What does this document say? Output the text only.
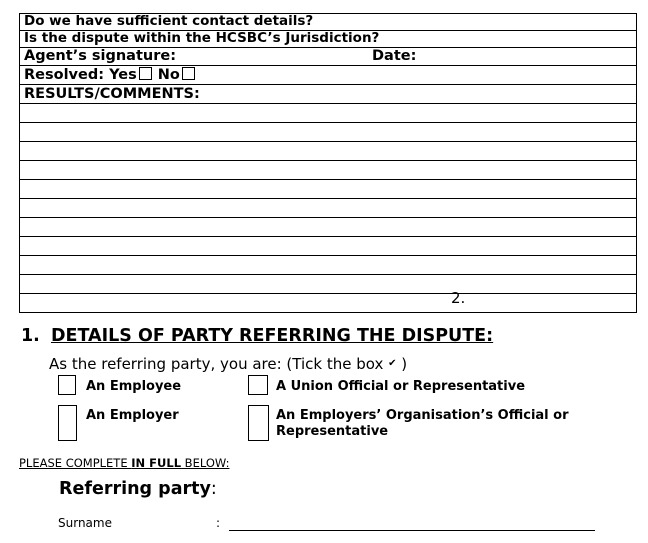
Do we have sufficient contact details?
Is the dispute within the HCSBC’s Jurisdiction?
Agent’s signature:	Date:
Resolved: Yes No
RESULTS/COMMENTS:
2.
1. DETAILS OF PARTY REFERRING THE DISPUTE:
As the referring party, you are: (Tick the box ✔ )
An Employee	A Union Official or Representative
An Employer	An Employers’ Organisation’s Official or
Representative
PLEASE COMPLETE IN FULL BELOW:
Referring party:
Surname	:
